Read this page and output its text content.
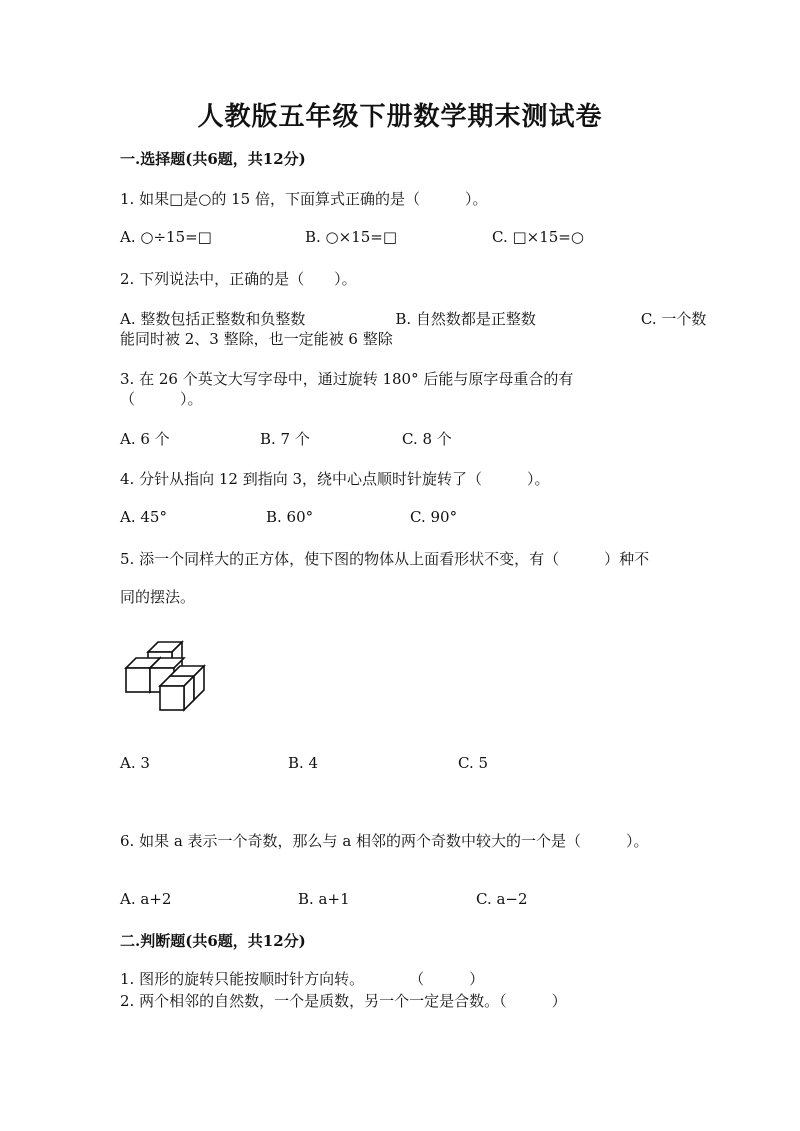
人教版五年级下册数学期末测试卷
一.选择题(共6题，共12分)
1. 如果□是○的 15 倍，下面算式正确的是（　　　）。
A. ○÷15=□	B. ○×15=□	C. □×15=○
2. 下列说法中，正确的是（　　）。
A. 整数包括正整数和负整数　　　　　　B. 自然数都是正整数　　　　　　　C. 一个数
能同时被 2、3 整除，也一定能被 6 整除
3. 在 26 个英文大写字母中，通过旋转 180° 后能与原字母重合的有
（　　　）。
A. 6 个	B. 7 个	C. 8 个
4. 分针从指向 12 到指向 3，绕中心点顺时针旋转了（　　　）。
A. 45°	B. 60°	C. 90°
5. 添一个同样大的正方体，使下图的物体从上面看形状不变，有（　　　）种不
同的摆法。
A. 3	B. 4	C. 5
6. 如果 a 表示一个奇数，那么与 a 相邻的两个奇数中较大的一个是（　　　）。
A. a+2	B. a+1	C. a−2
二.判断题(共6题，共12分)
1. 图形的旋转只能按顺时针方向转。　　　　（　　　）
2. 两个相邻的自然数，一个是质数，另一个一定是合数。（　　　）
